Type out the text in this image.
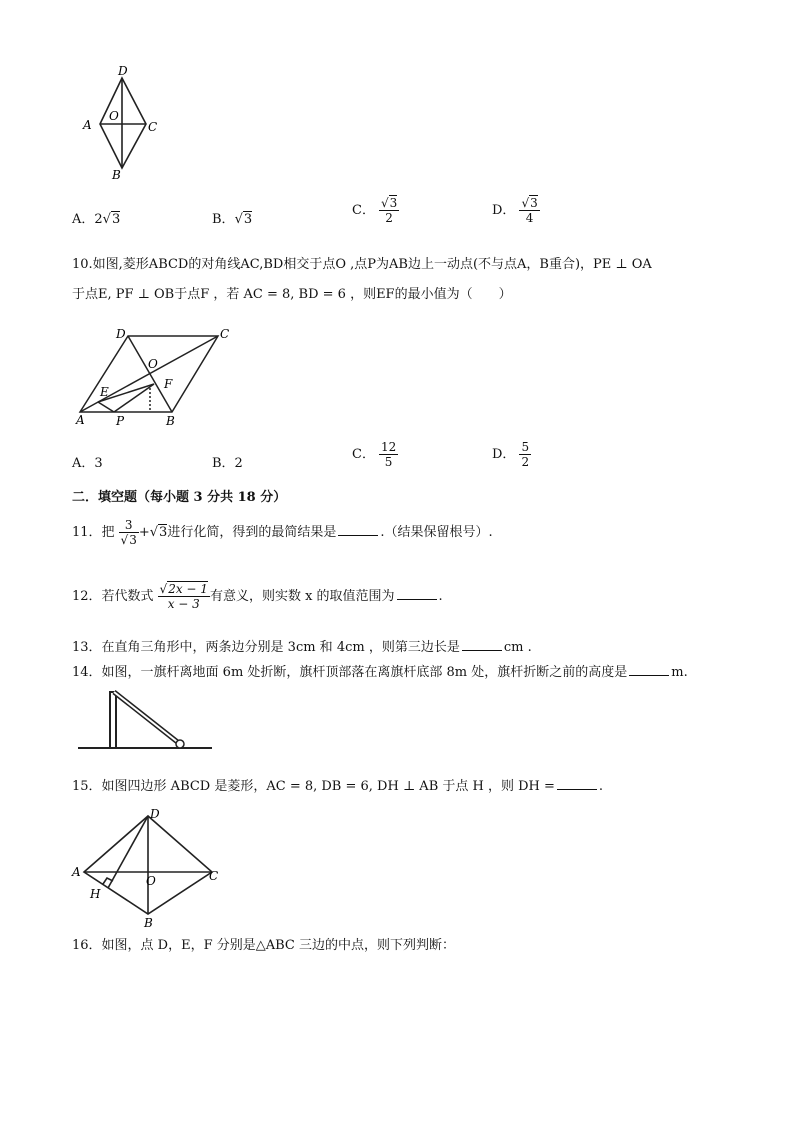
D
A
O
C
B
A．2√3	B．√3
C． $\frac{√3}{2}$	D． $\frac{√3}{4}$
10.如图,菱形ABCD的对角线AC,BD相交于点O ,点P为AB边上一动点(不与点A，B重合)，PE ⊥ OA
于点E, PF ⊥ OB于点F ，若 AC = 8, BD = 6 ，则EF的最小值为（　　）
D	C
O
E
F
A	P	B
A．3	B．2
C． $\frac{12}{5}$	D． $\frac{5}{2}$
二．填空题（每小题 3 分共 18 分）
11．把 $\frac{3}{√3} +√3$进行化简，得到的最简结果是	.（结果保留根号）.
12．若代数式 $\frac{√2x - 1}{x - 3}$ 有意义，则实数 x 的取值范围为	.
13．在直角三角形中，两条边分别是 3cm 和 4cm ，则第三边长是	cm .
14．如图，一旗杆离地面 6m 处折断，旗杆顶部落在离旗杆底部 8m 处，旗杆折断之前的高度是	m.
15．如图四边形 ABCD 是菱形，AC = 8, DB = 6, DH ⊥ AB 于点 H ，则 DH =	.
D
A
H
O	C
B
16．如图，点 D，E，F 分别是△ABC 三边的中点，则下列判断：
